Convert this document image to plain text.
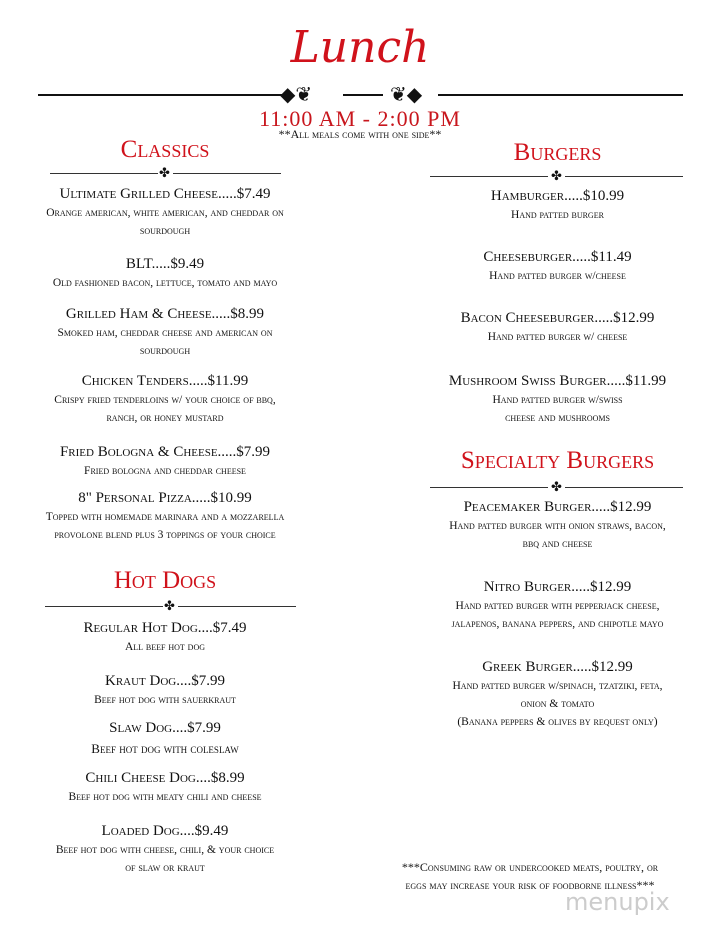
Lunch
◆❦	❦◆
11:00 AM - 2:00 PM
**All meals come with one side**
Classics
✤
Ultimate Grilled Cheese.....$7.49
Orange american, white american, and cheddar on
sourdough
BLT.....$9.49
Old fashioned bacon, lettuce, tomato and mayo
Grilled Ham & Cheese.....$8.99
Smoked ham, cheddar cheese and american on
sourdough
Chicken Tenders.....$11.99
Crispy fried tenderloins w/ your choice of bbq,
ranch, or honey mustard
Fried Bologna & Cheese.....$7.99
Fried bologna and cheddar cheese
8" Personal Pizza.....$10.99
Topped with homemade marinara and a mozzarella
provolone blend plus 3 toppings of your choice
Hot Dogs
✤
Regular Hot Dog....$7.49
All beef hot dog
Kraut Dog....$7.99
Beef hot dog with sauerkraut
Slaw Dog....$7.99
Beef hot dog with coleslaw
Chili Cheese Dog....$8.99
Beef hot dog with meaty chili and cheese
Loaded Dog....$9.49
Beef hot dog with cheese, chili, & your choice
of slaw or kraut
Burgers
✤
Hamburger.....$10.99
Hand patted burger
Cheeseburger.....$11.49
Hand patted burger w/cheese
Bacon Cheeseburger.....$12.99
Hand patted burger w/ cheese
Mushroom Swiss Burger.....$11.99
Hand patted burger w/swiss
cheese and mushrooms
Specialty Burgers
✤
Peacemaker Burger.....$12.99
Hand patted burger with onion straws, bacon,
bbq and cheese
Nitro Burger.....$12.99
Hand patted burger with pepperjack cheese,
jalapenos, banana peppers, and chipotle mayo
Greek Burger.....$12.99
Hand patted burger w/spinach, tzatziki, feta,
onion & tomato
(Banana peppers & olives by request only)
***Consuming raw or undercooked meats, poultry, or
eggs may increase your risk of foodborne illness***
menupix
